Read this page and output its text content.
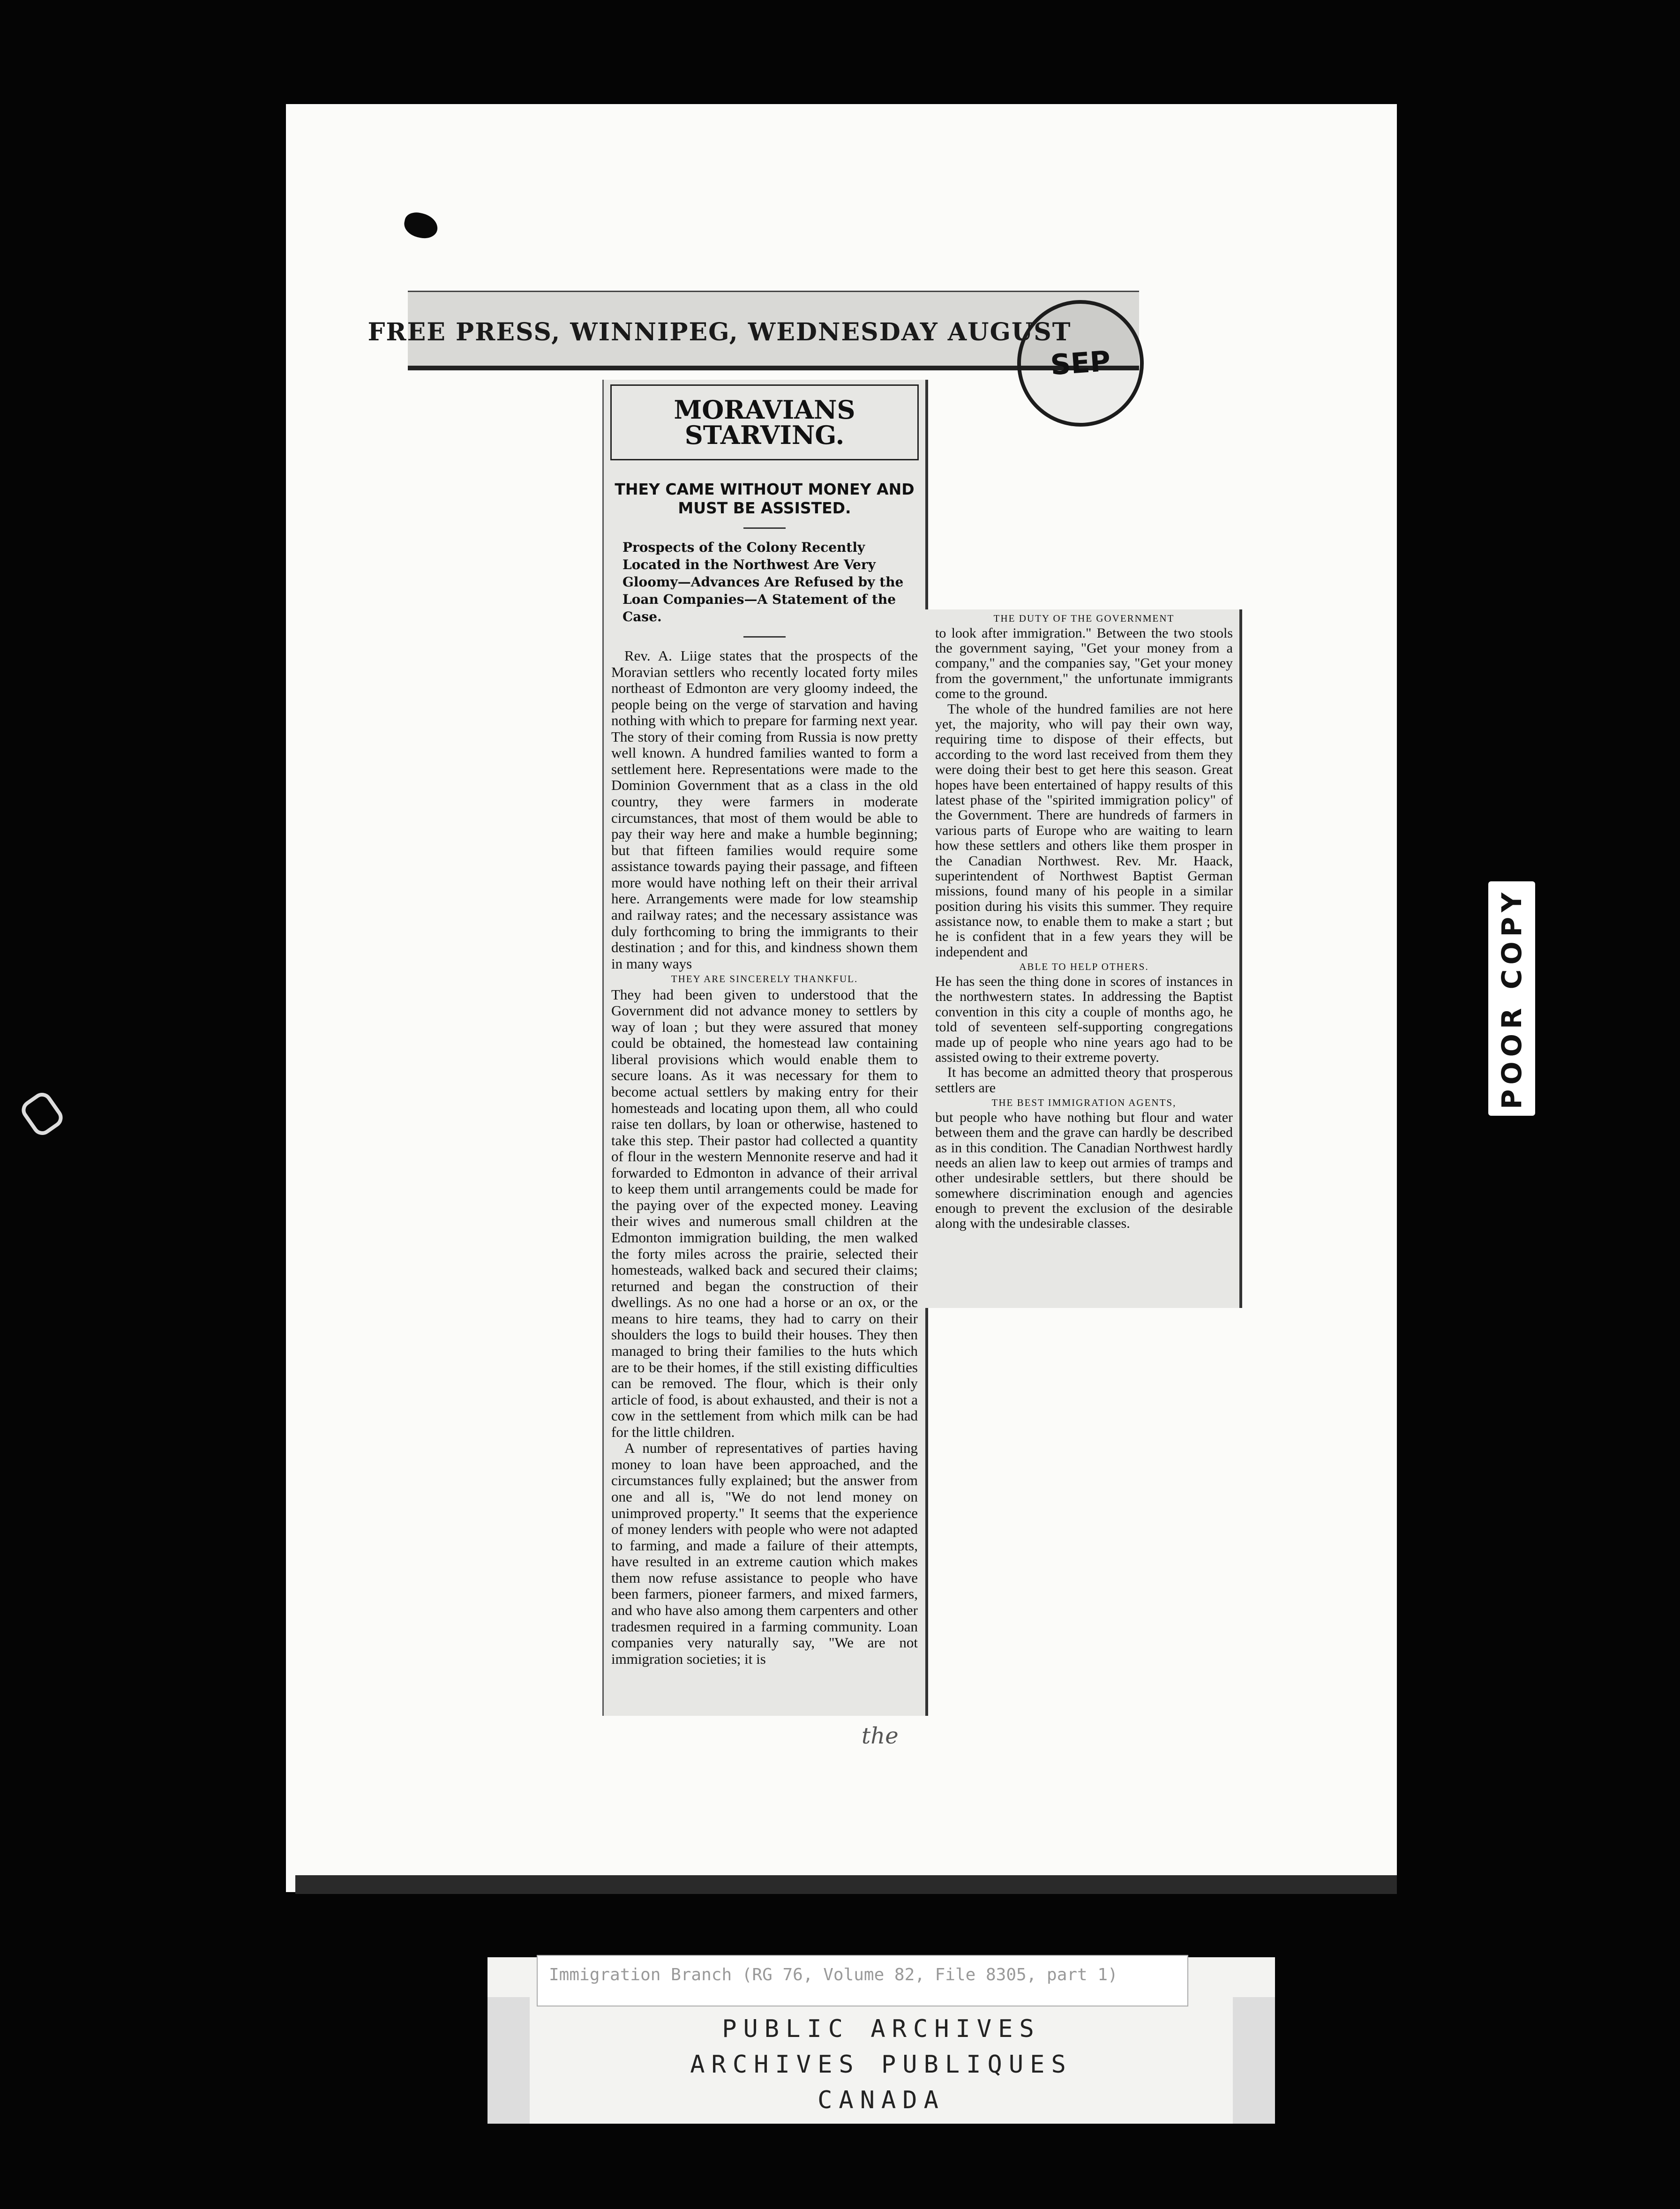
FREE PRESS, WINNIPEG, WEDNESDAY AUGUST
SEP
MORAVIANS STARVING.
THEY CAME WITHOUT MONEY AND MUST BE ASSISTED.
Prospects of the Colony Recently Located in the Northwest Are Very Gloomy—Advances Are Refused by the Loan Companies—A Statement of the Case.

Rev. A. Liige states that the prospects of the Moravian settlers who recently located forty miles northeast of Edmonton are very gloomy indeed, the people being on the verge of starvation and having nothing with which to prepare for farming next year. The story of their coming from Russia is now pretty well known. A hundred families wanted to form a settlement here. Representations were made to the Dominion Government that as a class in the old country, they were farmers in moderate circumstances, that most of them would be able to pay their way here and make a humble beginning; but that fifteen families would require some assistance towards paying their passage, and fifteen more would have nothing left on their their arrival here. Arrangements were made for low steamship and railway rates; and the necessary assistance was duly forthcoming to bring the immigrants to their destination ; and for this, and kindness shown them in many ways

THEY ARE SINCERELY THANKFUL.

They had been given to understood that the Government did not advance money to settlers by way of loan ; but they were assured that money could be obtained, the homestead law containing liberal provisions which would enable them to secure loans. As it was necessary for them to become actual settlers by making entry for their homesteads and locating upon them, all who could raise ten dollars, by loan or otherwise, hastened to take this step. Their pastor had collected a quantity of flour in the western Mennonite reserve and had it forwarded to Edmonton in advance of their arrival to keep them until arrangements could be made for the paying over of the expected money. Leaving their wives and numerous small children at the Edmonton immigration building, the men walked the forty miles across the prairie, selected their homesteads, walked back and secured their claims; returned and began the construction of their dwellings. As no one had a horse or an ox, or the means to hire teams, they had to carry on their shoulders the logs to build their houses. They then managed to bring their families to the huts which are to be their homes, if the still existing difficulties can be removed. The flour, which is their only article of food, is about exhausted, and their is not a cow in the settlement from which milk can be had for the little children.

A number of representatives of parties having money to loan have been approached, and the circumstances fully explained; but the answer from one and all is, "We do not lend money on unimproved property." It seems that the experience of money lenders with people who were not adapted to farming, and made a failure of their attempts, have resulted in an extreme caution which makes them now refuse assistance to people who have been farmers, pioneer farmers, and mixed farmers, and who have also among them carpenters and other tradesmen required in a farming community. Loan companies very naturally say, "We are not immigration societies; it is

THE DUTY OF THE GOVERNMENT

to look after immigration." Between the two stools the government saying, "Get your money from a company," and the companies say, "Get your money from the government," the unfortunate immigrants come to the ground.

The whole of the hundred families are not here yet, the majority, who will pay their own way, requiring time to dispose of their effects, but according to the word last received from them they were doing their best to get here this season. Great hopes have been entertained of happy results of this latest phase of the "spirited immigration policy" of the Government. There are hundreds of farmers in various parts of Europe who are waiting to learn how these settlers and others like them prosper in the Canadian Northwest. Rev. Mr. Haack, superintendent of Northwest Baptist German missions, found many of his people in a similar position during his visits this summer. They require assistance now, to enable them to make a start ; but he is confident that in a few years they will be independent and

ABLE TO HELP OTHERS.

He has seen the thing done in scores of instances in the northwestern states. In addressing the Baptist convention in this city a couple of months ago, he told of seventeen self-supporting congregations made up of people who nine years ago had to be assisted owing to their extreme poverty.

It has become an admitted theory that prosperous settlers are

THE BEST IMMIGRATION AGENTS,

but people who have nothing but flour and water between them and the grave can hardly be described as in this condition. The Canadian Northwest hardly needs an alien law to keep out armies of tramps and other undesirable settlers, but there should be somewhere discrimination enough and agencies enough to prevent the exclusion of the desirable along with the undesirable classes.

the
POOR COPY
Immigration Branch (RG 76, Volume 82, File 8305, part 1)
PUBLIC ARCHIVES
ARCHIVES PUBLIQUES
CANADA
